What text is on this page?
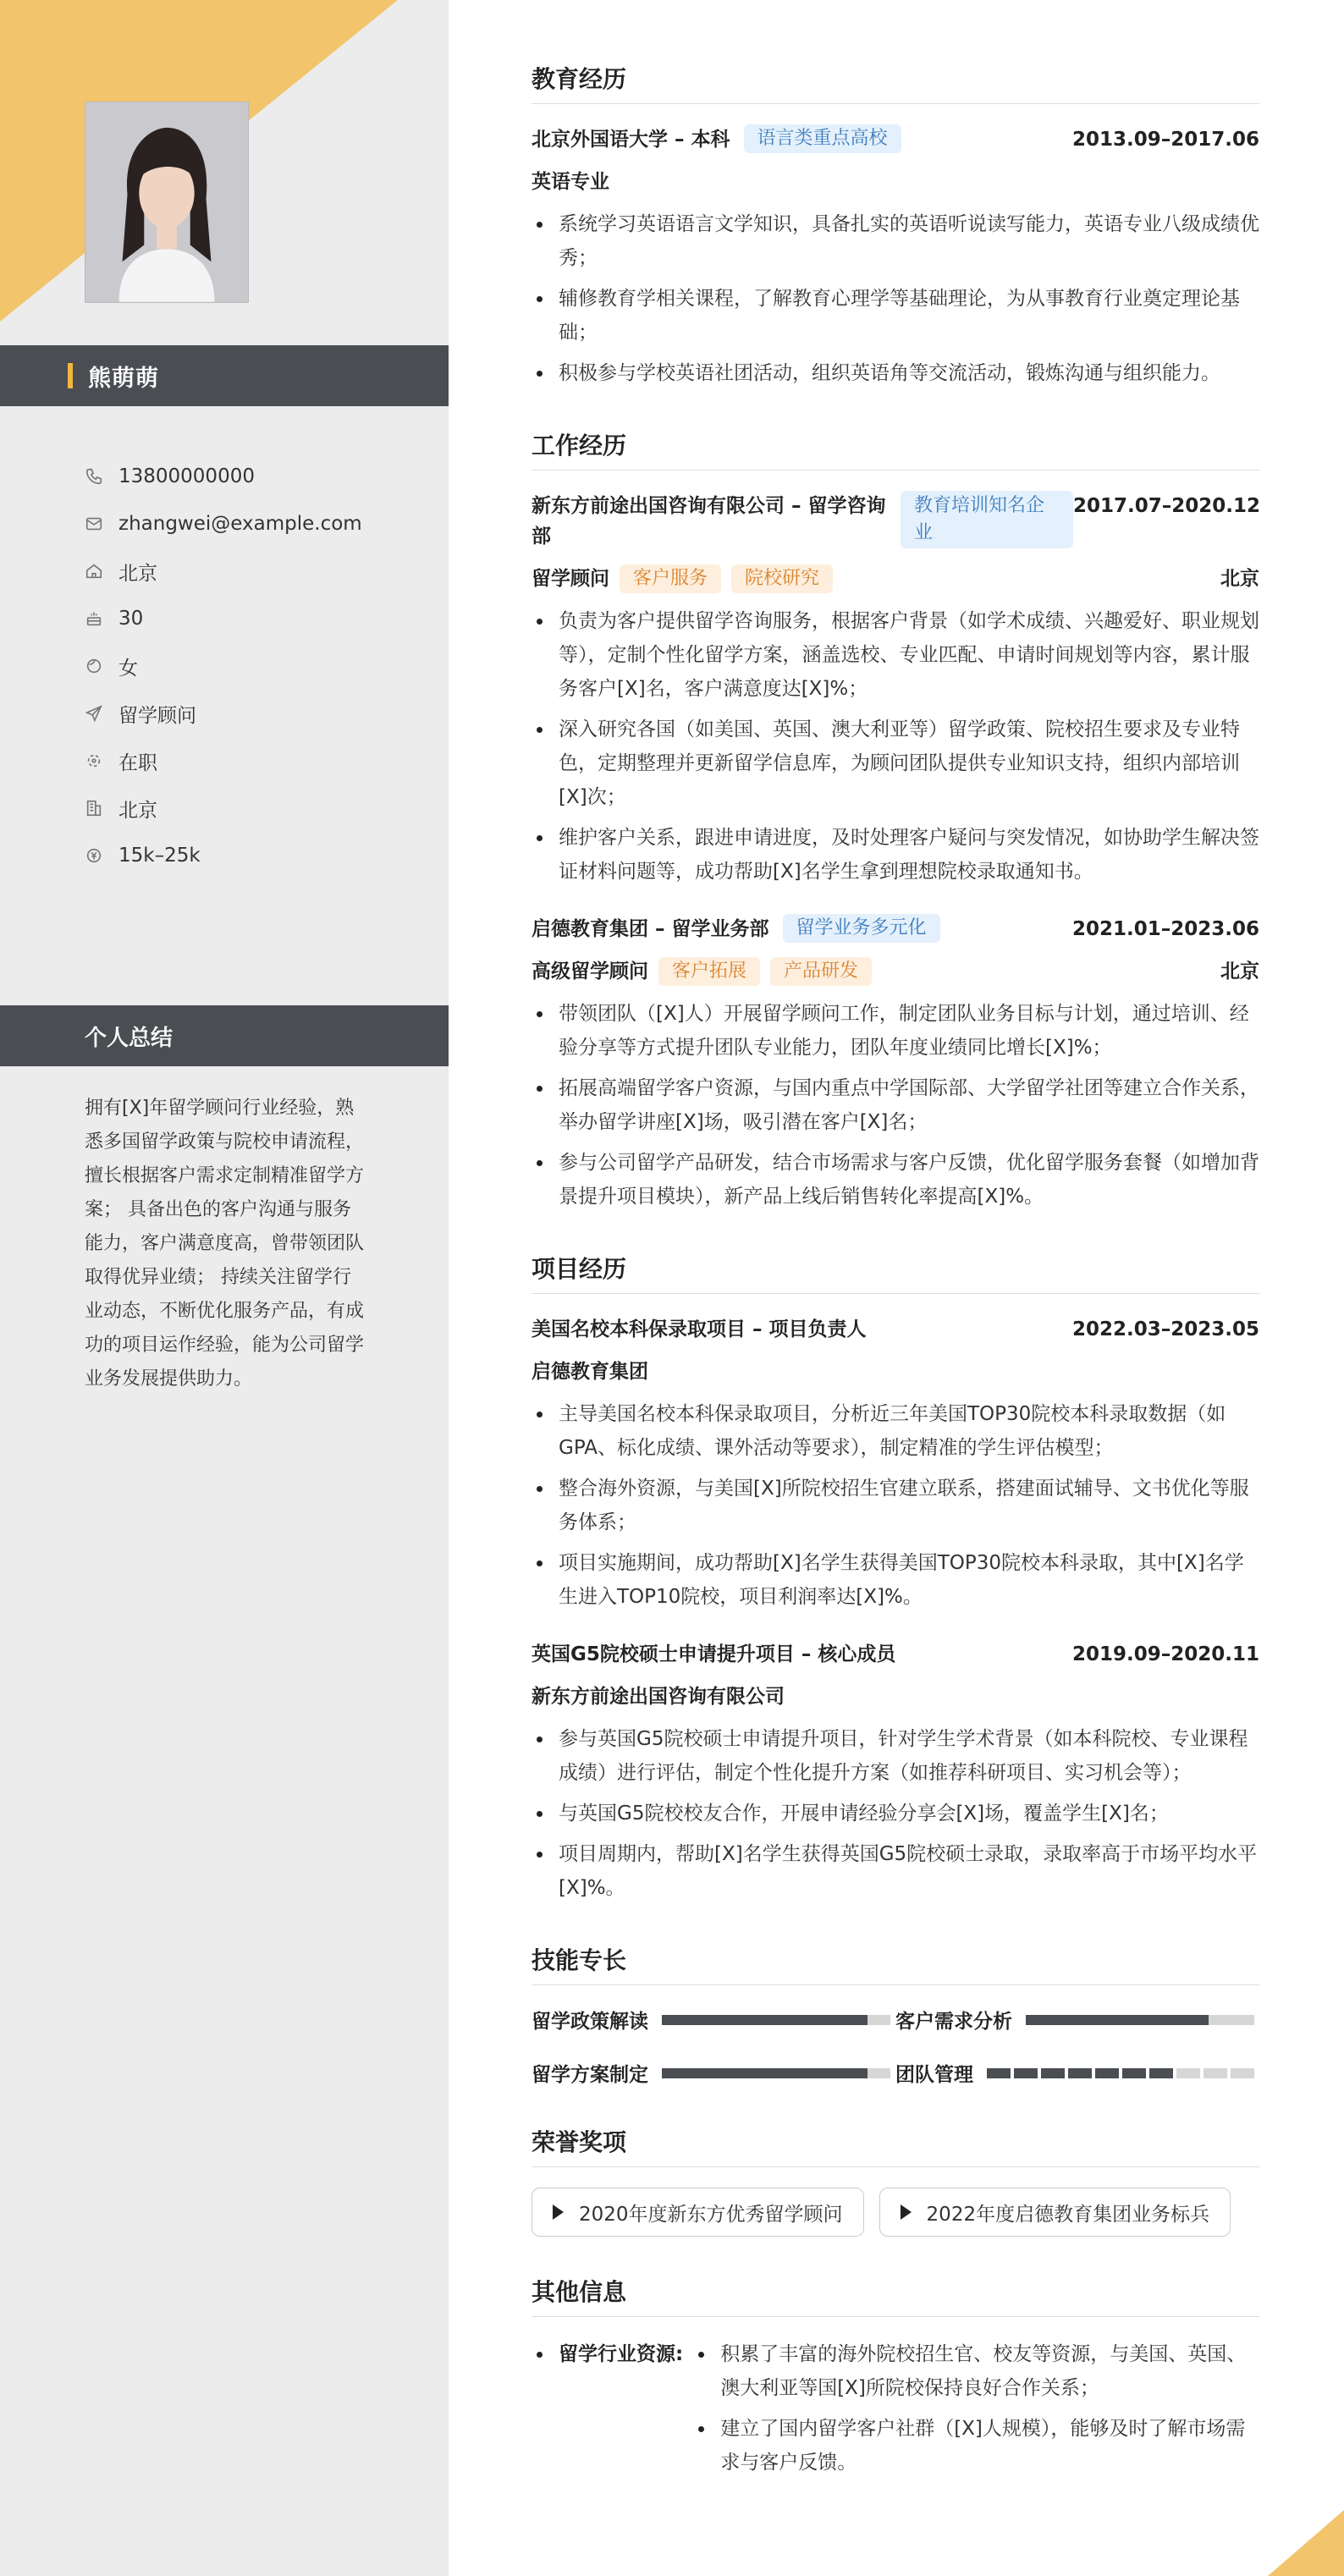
熊萌萌
13800000000
zhangwei@example.com
北京
30
女
留学顾问
在职
北京
15k–25k
个人总结
拥有[X]年留学顾问行业经验，熟悉多国留学政策与院校申请流程，擅长根据客户需求定制精准留学方案； 具备出色的客户沟通与服务能力，客户满意度高，曾带领团队取得优异业绩； 持续关注留学行业动态，不断优化服务产品，有成功的项目运作经验，能为公司留学业务发展提供助力。
教育经历
北京外国语大学 – 本科	语言类重点高校	2013.09–2017.06
英语专业
系统学习英语语言文学知识，具备扎实的英语听说读写能力，英语专业八级成绩优秀；
辅修教育学相关课程，了解教育心理学等基础理论，为从事教育行业奠定理论基础；
积极参与学校英语社团活动，组织英语角等交流活动，锻炼沟通与组织能力。
工作经历
新东方前途出国咨询有限公司 – 留学咨询部
教育培训知名企业
2017.07–2020.12
留学顾问	客户服务	院校研究	北京
负责为客户提供留学咨询服务，根据客户背景（如学术成绩、兴趣爱好、职业规划等），定制个性化留学方案，涵盖选校、专业匹配、申请时间规划等内容，累计服务客户[X]名，客户满意度达[X]%；
深入研究各国（如美国、英国、澳大利亚等）留学政策、院校招生要求及专业特色，定期整理并更新留学信息库，为顾问团队提供专业知识支持，组织内部培训[X]次；
维护客户关系，跟进申请进度，及时处理客户疑问与突发情况，如协助学生解决签证材料问题等，成功帮助[X]名学生拿到理想院校录取通知书。
启德教育集团 – 留学业务部	留学业务多元化	2021.01–2023.06
高级留学顾问	客户拓展	产品研发	北京
带领团队（[X]人）开展留学顾问工作，制定团队业务目标与计划，通过培训、经验分享等方式提升团队专业能力，团队年度业绩同比增长[X]%；
拓展高端留学客户资源，与国内重点中学国际部、大学留学社团等建立合作关系，举办留学讲座[X]场，吸引潜在客户[X]名；
参与公司留学产品研发，结合市场需求与客户反馈，优化留学服务套餐（如增加背景提升项目模块），新产品上线后销售转化率提高[X]%。
项目经历
美国名校本科保录取项目 – 项目负责人	2022.03–2023.05
启德教育集团
主导美国名校本科保录取项目，分析近三年美国TOP30院校本科录取数据（如GPA、标化成绩、课外活动等要求），制定精准的学生评估模型；
整合海外资源，与美国[X]所院校招生官建立联系，搭建面试辅导、文书优化等服务体系；
项目实施期间，成功帮助[X]名学生获得美国TOP30院校本科录取，其中[X]名学生进入TOP10院校，项目利润率达[X]%。
英国G5院校硕士申请提升项目 – 核心成员	2019.09–2020.11
新东方前途出国咨询有限公司
参与英国G5院校硕士申请提升项目，针对学生学术背景（如本科院校、专业课程成绩）进行评估，制定个性化提升方案（如推荐科研项目、实习机会等）；
与英国G5院校校友合作，开展申请经验分享会[X]场，覆盖学生[X]名；
项目周期内，帮助[X]名学生获得英国G5院校硕士录取，录取率高于市场平均水平[X]%。
技能专长
留学政策解读	客户需求分析
留学方案制定	团队管理
荣誉奖项
2020年度新东方优秀留学顾问	2022年度启德教育集团业务标兵
其他信息
留学行业资源:	积累了丰富的海外院校招生官、校友等资源，与美国、英国、澳大利亚等国[X]所院校保持良好合作关系；
建立了国内留学客户社群（[X]人规模），能够及时了解市场需求与客户反馈。
